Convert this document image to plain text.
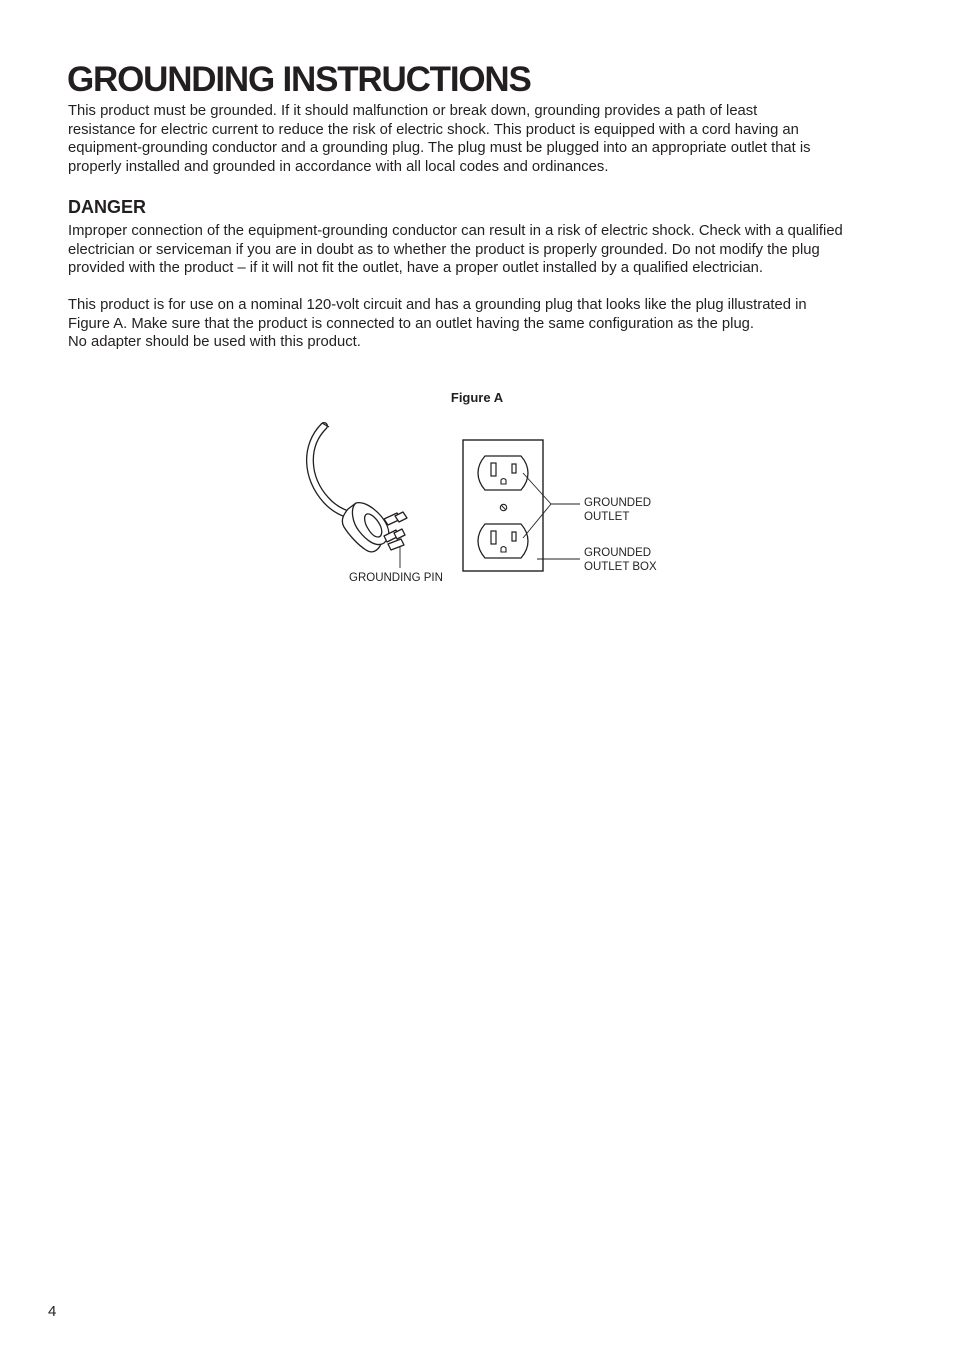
GROUNDING INSTRUCTIONS

This product must be grounded. If it should malfunction or break down, grounding provides a path of least
resistance for electric current to reduce the risk of electric shock. This product is equipped with a cord having an
equipment-grounding conductor and a grounding plug. The plug must be plugged into an appropriate outlet that is
properly installed and grounded in accordance with all local codes and ordinances.

DANGER

Improper connection of the equipment-grounding conductor can result in a risk of electric shock. Check with a qualified
electrician or serviceman if you are in doubt as to whether the product is properly grounded. Do not modify the plug
provided with the product – if it will not fit the outlet, have a proper outlet installed by a qualified electrician.

This product is for use on a nominal 120-volt circuit and has a grounding plug that looks like the plug illustrated in
Figure A. Make sure that the product is connected to an outlet having the same configuration as the plug.
No adapter should be used with this product.

Figure A
GROUNDING PIN
GROUNDED
OUTLET
GROUNDED
OUTLET BOX
4
